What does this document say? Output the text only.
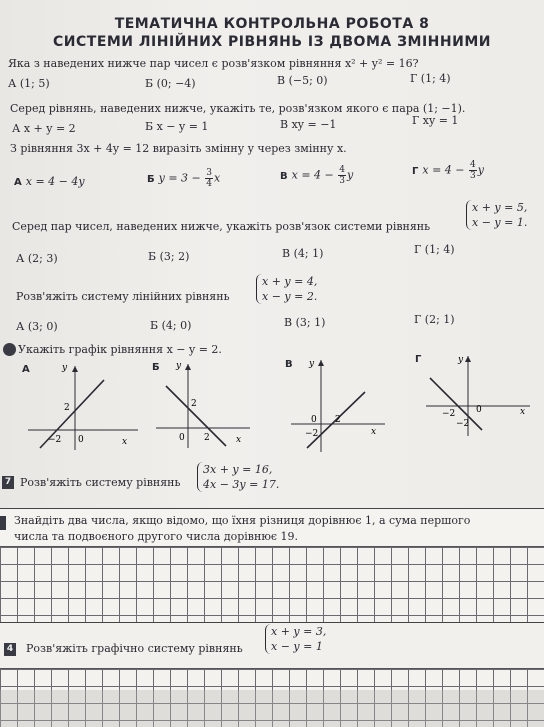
ТЕМАТИЧНА КОНТРОЛЬНА РОБОТА 8
СИСТЕМИ ЛІНІЙНИХ РІВНЯНЬ ІЗ ДВОМА ЗМІННИМИ
Яка з наведених нижче пар чисел є розв'язком рівняння x² + y² = 16?
А (1; 5)	Б (0; −4)	В (−5; 0)	Г (1; 4)
Серед рівнянь, наведених нижче, укажіть те, розв'язком якого є пара (1; −1).
А x + y = 2	Б x − y = 1	В xy = −1	Г xy = 1
З рівняння 3x + 4y = 12 виразіть змінну y через змінну x.
А x = 4 − 4y	Б $y = 3 - \frac{3}{4}$ x	В $x = 4 - \frac{4}{3}$ y	Г $x = 4 - \frac{4}{3}$ y
Серед пар чисел, наведених нижче, укажіть розв'язок системи рівнянь
x + y = 5,
x − y = 1.
А (2; 3)	Б (3; 2)	В (4; 1)	Г (1; 4)
Розв'яжіть систему лінійних рівнянь
x + y = 4,
x − y = 2.
А (3; 0)	Б (4; 0)	В (3; 1)	Г (2; 1)
Укажіть графік рівняння x − y = 2.
А	y
x
2
−2 0
Б y
x
2
0 2
В y
x
0 2
−2
Г	y
x
−2 0
−2
7 Розв'яжіть систему рівнянь
3x + y = 16,
4x − 3y = 17.
Знайдіть два числа, якщо відомо, що їхня різниця дорівнює 1, а сума першого
числа та подвоєного другого числа дорівнює 19.
4 Розв'яжіть графічно систему рівнянь
x + y = 3,
x − y = 1
